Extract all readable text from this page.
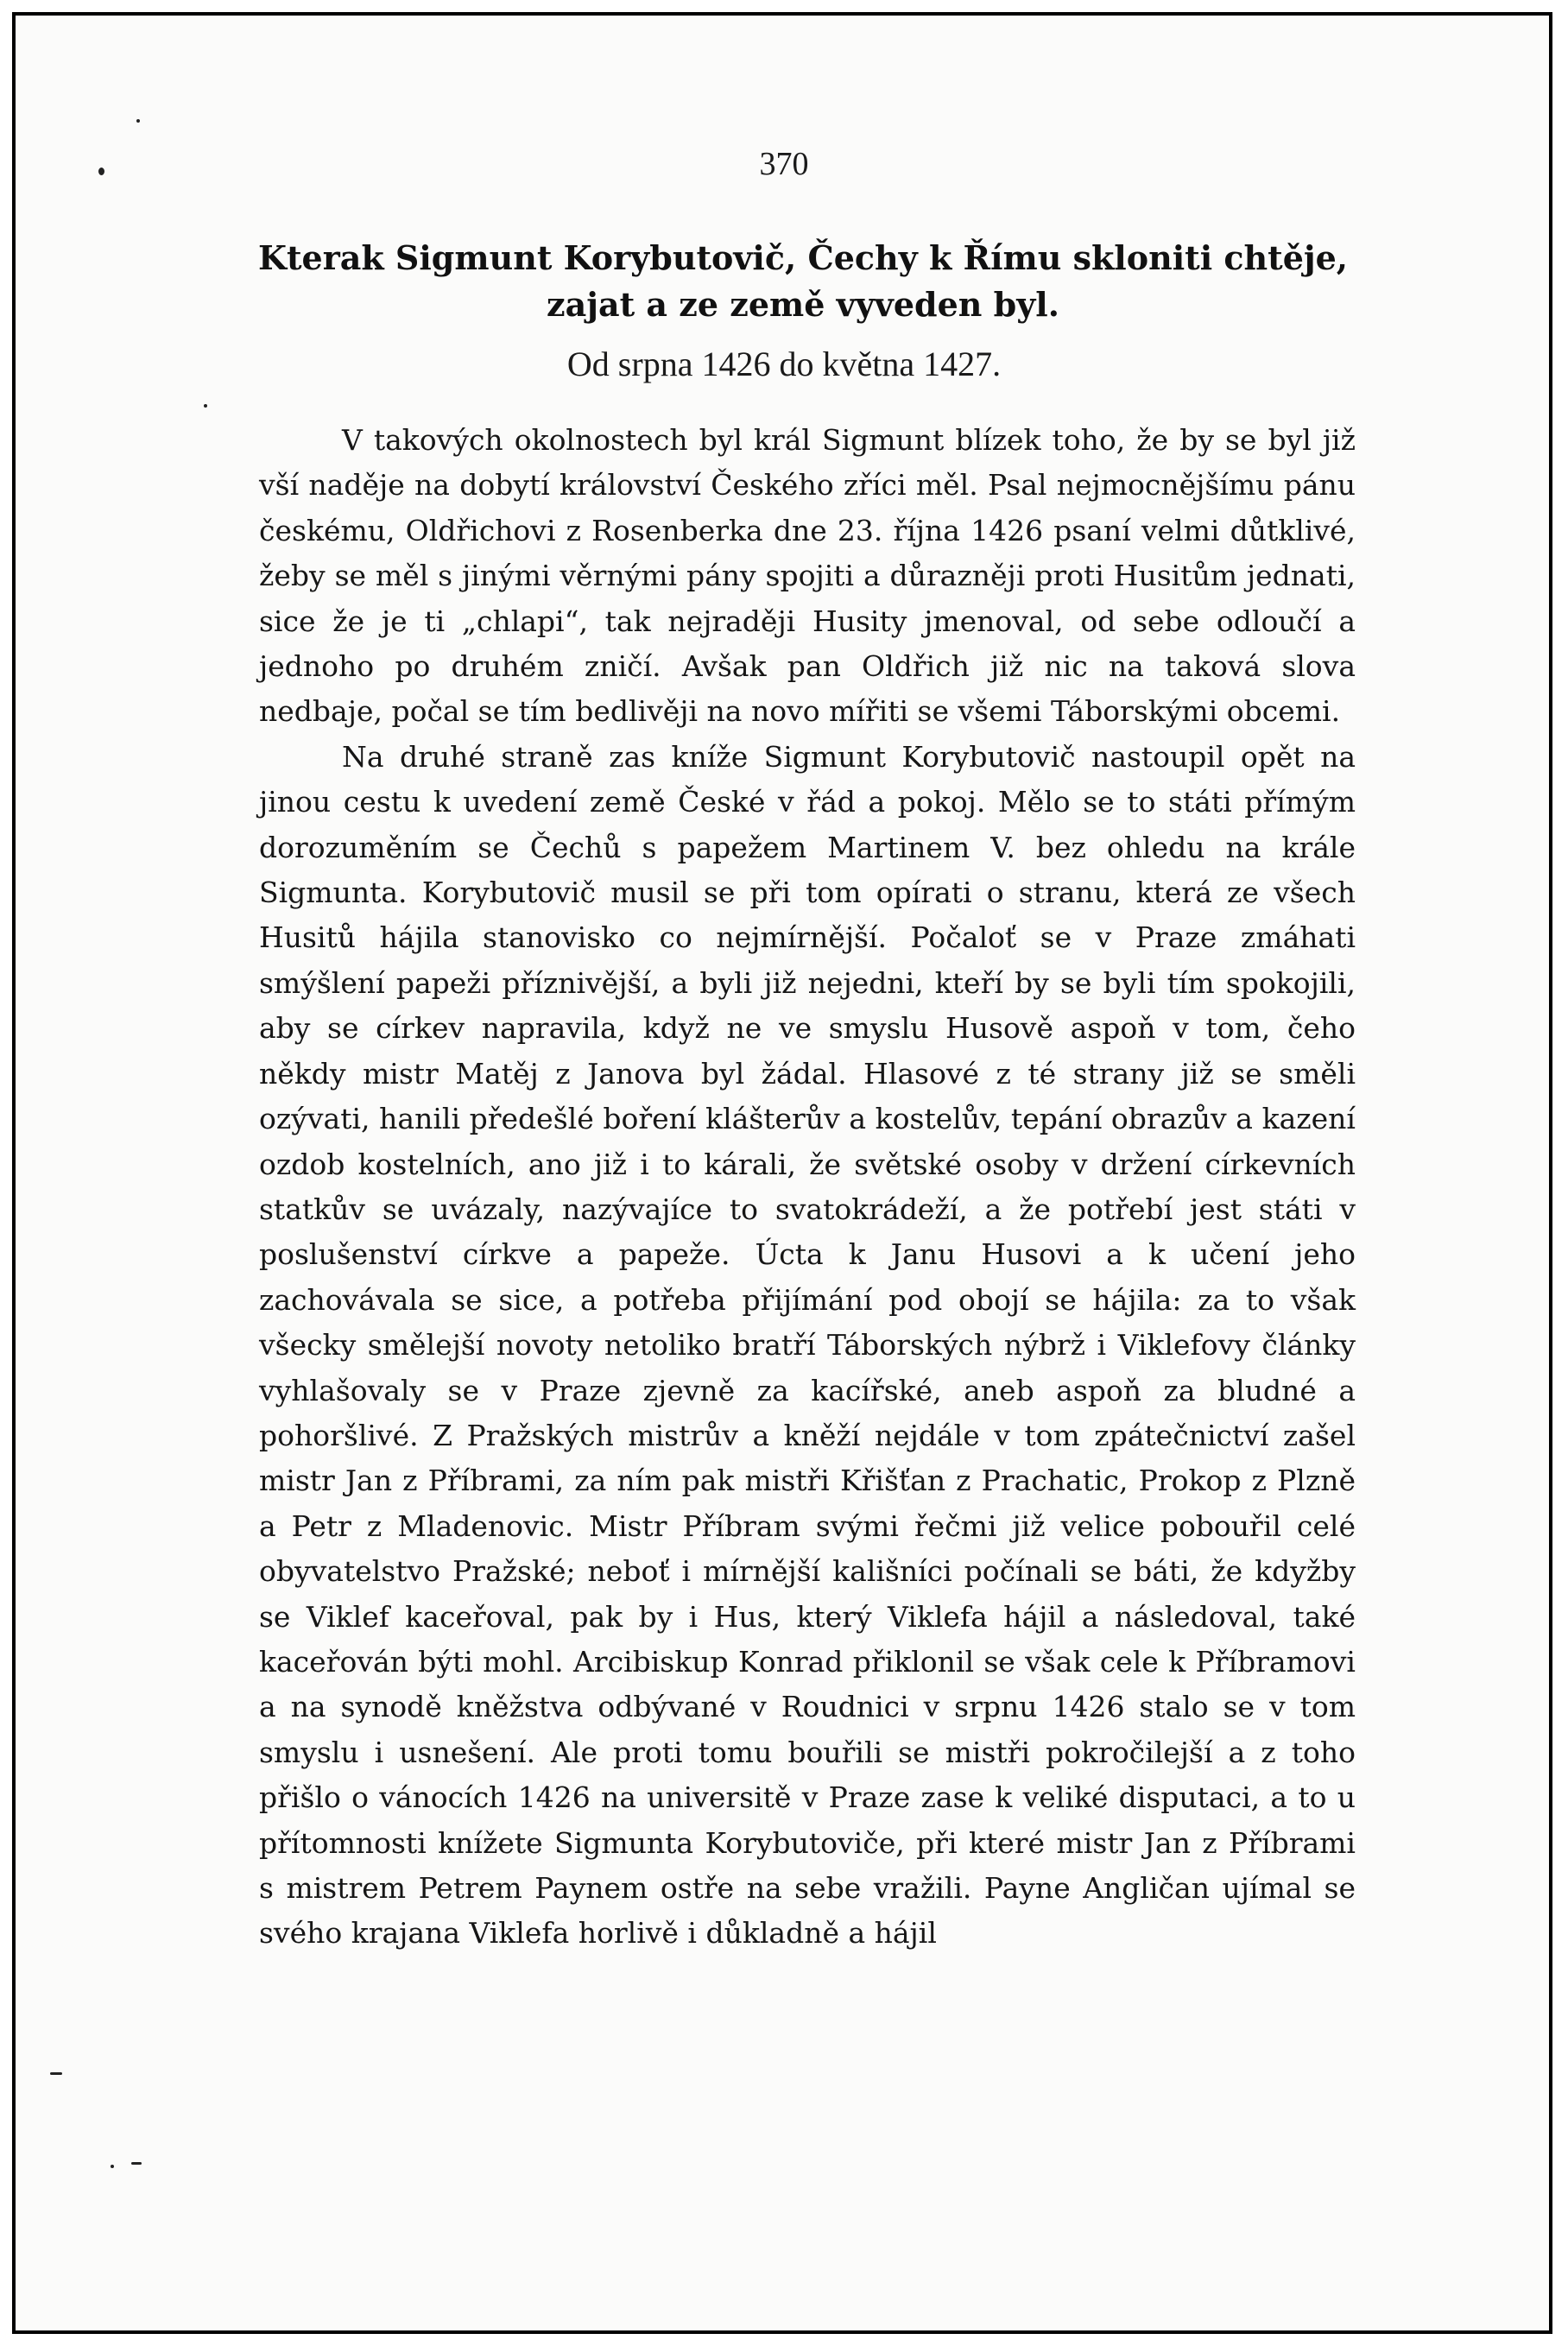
370
Kterak Sigmunt Korybutovič, Čechy k Římu skloniti chtěje, zajat a ze země vyveden byl.
Od srpna 1426 do května 1427.

V takových okolnostech byl král Sigmunt blízek toho, že by se byl již vší naděje na dobytí království Českého zříci měl. Psal nejmocnějšímu pánu českému, Oldřichovi z Rosenberka dne 23. října 1426 psaní velmi důtklivé, žeby se měl s jinými věrnými pány spojiti a důrazněji proti Husitům jednati, sice že je ti „chlapi“, tak nejraději Husity jmenoval, od sebe odloučí a jednoho po druhém zničí. Avšak pan Oldřich již nic na taková slova nedbaje, počal se tím bedlivěji na novo mířiti se všemi Táborskými obcemi.

Na druhé straně zas kníže Sigmunt Korybutovič nastoupil opět na jinou cestu k uvedení země České v řád a pokoj. Mělo se to státi přímým dorozuměním se Čechů s papežem Martinem V. bez ohledu na krále Sigmunta. Korybutovič musil se při tom opírati o stranu, která ze všech Husitů hájila stanovisko co nejmírnější. Počaloť se v Praze zmáhati smýšlení papeži příznivější, a byli již nejedni, kteří by se byli tím spokojili, aby se církev napravila, když ne ve smyslu Husově aspoň v tom, čeho někdy mistr Matěj z Janova byl žádal. Hlasové z té strany již se směli ozývati, hanili předešlé boření klášterův a kostelův, tepání obrazův a kazení ozdob kostelních, ano již i to kárali, že světské osoby v držení církevních statkův se uvázaly, nazývajíce to svatokrádeží, a že potřebí jest státi v poslušenství církve a papeže. Úcta k Janu Husovi a k učení jeho zachovávala se sice, a potřeba přijímání pod obojí se hájila: za to však všecky smělejší novoty netoliko bratří Táborských nýbrž i Viklefovy články vyhlašovaly se v Praze zjevně za kacířské, aneb aspoň za bludné a pohoršlivé. Z Pražských mistrův a kněží nejdále v tom zpátečnictví zašel mistr Jan z Příbrami, za ním pak mistři Křišťan z Prachatic, Prokop z Plzně a Petr z Mladenovic. Mistr Příbram svými řečmi již velice pobouřil celé obyvatelstvo Pražské; neboť i mírnější kališníci počínali se báti, že kdyžby se Viklef kaceřoval, pak by i Hus, který Viklefa hájil a následoval, také kaceřován býti mohl. Arcibiskup Konrad přiklonil se však cele k Příbramovi a na synodě kněžstva odbývané v Roudnici v srpnu 1426 stalo se v tom smyslu i usnešení. Ale proti tomu bouřili se mistři pokročilejší a z toho přišlo o vánocích 1426 na universitě v Praze zase k veliké disputaci, a to u přítomnosti knížete Sigmunta Korybutoviče, při které mistr Jan z Příbrami s mistrem Petrem Paynem ostře na sebe vražili. Payne Angličan ujímal se svého krajana Viklefa horlivě i důkladně a hájil
